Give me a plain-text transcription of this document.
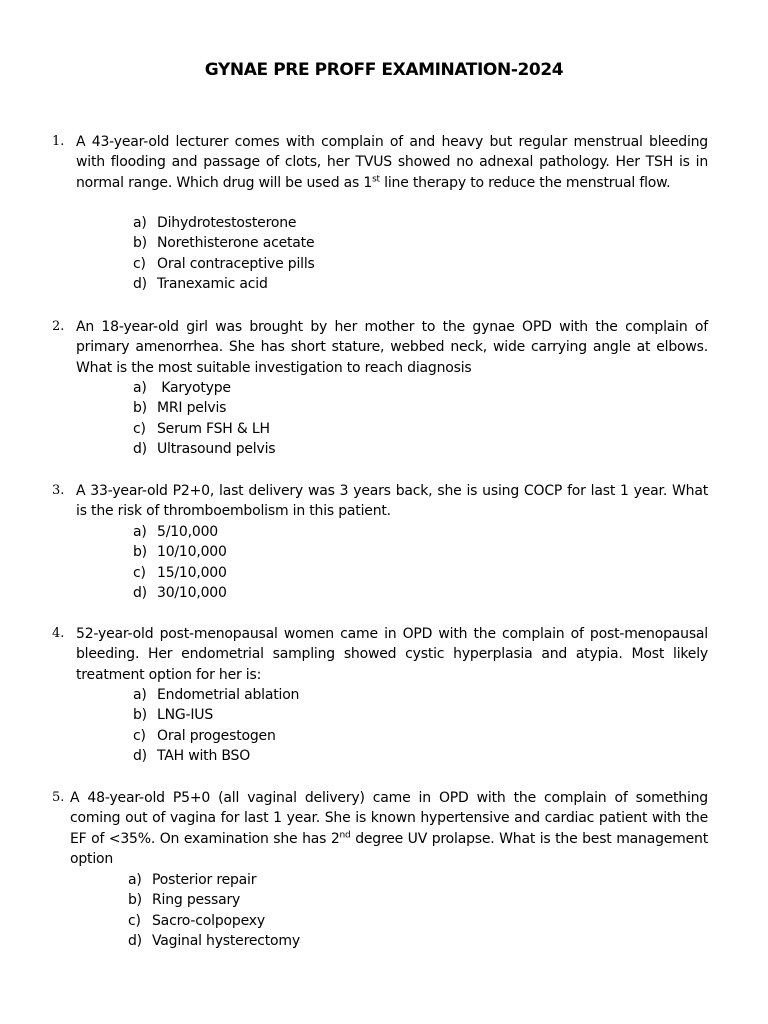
GYNAE PRE PROFF EXAMINATION-2024
1. A 43-year-old lecturer comes with complain of and heavy but regular menstrual bleeding with flooding and passage of clots, her TVUS showed no adnexal pathology. Her TSH is in normal range. Which drug will be used as 1st line therapy to reduce the menstrual flow.

a) Dihydrotestosterone
b) Norethisterone acetate
c) Oral contraceptive pills
d) Tranexamic acid
2. An 18-year-old girl was brought by her mother to the gynae OPD with the complain of primary amenorrhea. She has short stature, webbed neck, wide carrying angle at elbows. What is the most suitable investigation to reach diagnosis

a) Karyotype
b) MRI pelvis
c) Serum FSH & LH
d) Ultrasound pelvis
3. A 33-year-old P2+0, last delivery was 3 years back, she is using COCP for last 1 year. What is the risk of thromboembolism in this patient.

a) 5/10,000
b) 10/10,000
c) 15/10,000
d) 30/10,000
4. 52-year-old post-menopausal women came in OPD with the complain of post-menopausal bleeding. Her endometrial sampling showed cystic hyperplasia and atypia. Most likely treatment option for her is:

a) Endometrial ablation
b) LNG-IUS
c) Oral progestogen
d) TAH with BSO
5. A 48-year-old P5+0 (all vaginal delivery) came in OPD with the complain of something coming out of vagina for last 1 year. She is known hypertensive and cardiac patient with the EF of <35%. On examination she has 2nd degree UV prolapse. What is the best management option

a) Posterior repair
b) Ring pessary
c) Sacro-colpopexy
d) Vaginal hysterectomy
